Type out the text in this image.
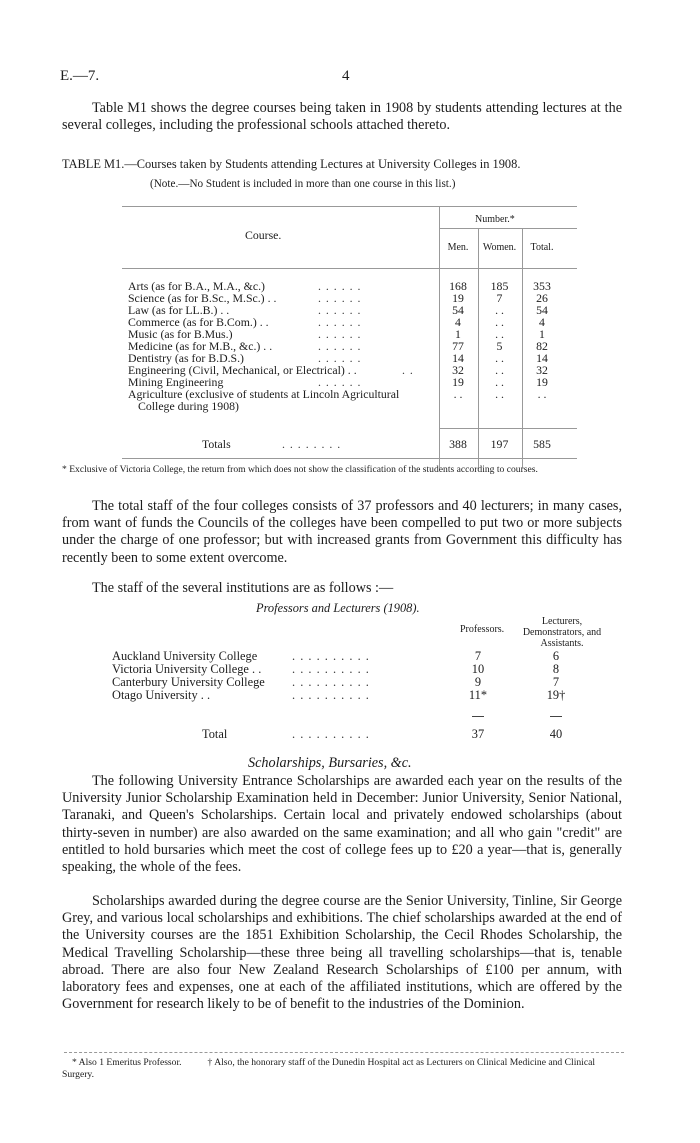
E.—7.	4
Table M1 shows the degree courses being taken in 1908 by students attending lectures at the several colleges, including the professional schools attached thereto.
TABLE M1.—Courses taken by Students attending Lectures at University Colleges in 1908.
(Note.—No Student is included in more than one course in this list.)
Course.
Number.*
Men.	Women.	Total.
Arts (as for B.A., M.A., &c.)	. . . . . .	168	185	353
Science (as for B.Sc., M.Sc.) . .	. . . . . .	19	7	26
Law (as for LL.B.) . .	. . . . . .	54	. .	54
Commerce (as for B.Com.) . .	. . . . . .	4	. .	4
Music (as for B.Mus.)	. . . . . .	1	. .	1
Medicine (as for M.B., &c.) . .	. . . . . .	77	5	82
Dentistry (as for B.D.S.)	. . . . . .	14	. .	14
Engineering (Civil, Mechanical, or Electrical) . .	. .	32	. .	32
Mining Engineering	. . . . . .	19	. .	19
Agriculture (exclusive of students at Lincoln Agricultural	. .	. .	. .
College during 1908)
Totals	. . . . . . . .	388	197	585
* Exclusive of Victoria College, the return from which does not show the classification of the students according to courses.
The total staff of the four colleges consists of 37 professors and 40 lecturers; in many cases, from want of funds the Councils of the colleges have been compelled to put two or more subjects under the charge of one professor; but with increased grants from Government this difficulty has recently been to some extent overcome.
The staff of the several institutions are as follows :—
Professors and Lecturers (1908).
Professors.
Lecturers, Demonstrators, and Assistants.
Auckland University College	. . . . . . . . . .	7	6
Victoria University College . . . . . . . . . . . .	10	8
Canterbury University College . . . . . . . . . .	9	7
Otago University . .	. . . . . . . . . .	11*	19†
Total	. . . . . . . . . .	37	40
Scholarships, Bursaries, &c.
The following University Entrance Scholarships are awarded each year on the results of the University Junior Scholarship Examination held in December: Junior University, Senior National, Taranaki, and Queen's Scholarships. Certain local and privately endowed scholarships (about thirty-seven in number) are also awarded on the same examination; and all who gain "credit" are entitled to hold bursaries which meet the cost of college fees up to £20 a year—that is, generally speaking, the whole of the fees.
Scholarships awarded during the degree course are the Senior University, Tinline, Sir George Grey, and various local scholarships and exhibitions. The chief scholarships awarded at the end of the University courses are the 1851 Exhibition Scholarship, the Cecil Rhodes Scholarship, the Medical Travelling Scholarship—these three being all travelling scholarships—that is, tenable abroad. There are also four New Zealand Research Scholarships of £100 per annum, with laboratory fees and expenses, one at each of the affiliated institutions, which are offered by the Government for research likely to be of benefit to the industries of the Dominion.
* Also 1 Emeritus Professor.	† Also, the honorary staff of the Dunedin Hospital act as Lecturers on Clinical Medicine and Clinical Surgery.
